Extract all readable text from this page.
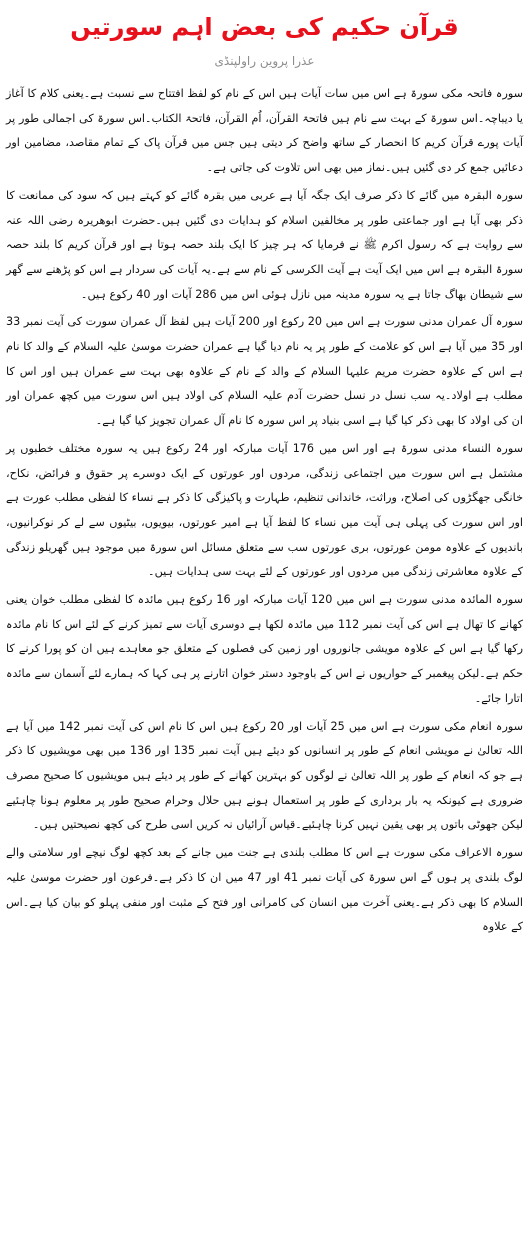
قرآن حکیم کی بعض اہم سورتیں
عذرا پروین راولپنڈی

سورہ فاتحہ مکی سورۃ ہے اس میں سات آیات ہیں اس کے نام کو لفظ افتتاح سے نسبت ہے۔یعنی کلام کا آغاز یا دیباچہ۔اس سورۃ کے بہت سے نام ہیں فاتحۃ القرآن، اُم القرآن، فاتحۃ الکتاب۔اس سورۃ کی اجمالی طور پر آیات پورے قرآن کریم کا انحصار کے ساتھ واضح کر دیتی ہیں جس میں قرآن پاک کے تمام مقاصد، مضامین اور دعائیں جمع کر دی گئیں ہیں۔نماز میں بھی اس تلاوت کی جاتی ہے۔

سورہ البقرہ میں گائے کا ذکر صرف ایک جگہ آیا ہے عربی میں بقرہ گائے کو کہتے ہیں کہ سود کی ممانعت کا ذکر بھی آیا ہے اور جماعتی طور پر مخالفین اسلام کو ہدایات دی گئیں ہیں۔حضرت ابوھریرہ رضی اللہ عنہ سے روایت ہے کہ رسول اکرم ﷺ نے فرمایا کہ ہر چیز کا ایک بلند حصہ ہوتا ہے اور قرآن کریم کا بلند حصہ سورۃ البقرہ ہے اس میں ایک آیت ہے آیت الکرسی کے نام سے ہے۔یہ آیات کی سردار ہے اس کو پڑھنے سے گھر سے شیطان بھاگ جاتا ہے یہ سورہ مدینہ میں نازل ہوئی اس میں 286 آیات اور 40 رکوع ہیں۔

سورہ آل عمران مدنی سورت ہے اس میں 20 رکوع اور 200 آیات ہیں لفظ آل عمران سورت کی آیت نمبر 33 اور 35 میں آیا ہے اس کو علامت کے طور پر یہ نام دیا گیا ہے عمران حضرت موسیٰ علیہ السلام کے والد کا نام ہے اس کے علاوہ حضرت مریم علیہا السلام کے والد کے نام کے علاوہ بھی بہت سے عمران ہیں اور اس کا مطلب ہے اولاد۔یہ سب نسل در نسل حضرت آدم علیہ السلام کی اولاد ہیں اس سورت میں کچھ عمران اور ان کی اولاد کا بھی ذکر کیا گیا ہے اسی بنیاد پر اس سورہ کا نام آل عمران تجویز کیا گیا ہے۔

سورہ النساء مدنی سورۃ ہے اور اس میں 176 آیات مبارکہ اور 24 رکوع ہیں یہ سورہ مختلف خطبوں پر مشتمل ہے اس سورت میں اجتماعی زندگی، مردوں اور عورتوں کے ایک دوسرے پر حقوق و فرائض، نکاح، خانگی جھگڑوں کی اصلاح، وراثت، خاندانی تنظیم، طہارت و پاکیزگی کا ذکر ہے نساء کا لفظی مطلب عورت ہے اور اس سورت کی پہلی ہی آیت میں نساء کا لفظ آیا ہے امیر عورتوں، بیویوں، بیٹیوں سے لے کر نوکرانیوں، باندیوں کے علاوہ مومن عورتوں، بری عورتوں سب سے متعلق مسائل اس سورۃ میں موجود ہیں گھریلو زندگی کے علاوہ معاشرتی زندگی میں مردوں اور عورتوں کے لئے بہت سی ہدایات ہیں۔

سورہ المائدہ مدنی سورت ہے اس میں 120 آیات مبارکہ اور 16 رکوع ہیں مائدہ کا لفظی مطلب خوان یعنی کھانے کا تھال ہے اس کی آیت نمبر 112 میں مائدہ لکھا ہے دوسری آیات سے تمیز کرنے کے لئے اس کا نام مائدہ رکھا گیا ہے اس کے علاوہ مویشی جانوروں اور زمین کی فصلوں کے متعلق جو معاہدے ہیں ان کو پورا کرنے کا حکم ہے۔لیکن پیغمبر کے حواریوں نے اس کے باوجود دستر خوان اتارنے پر ہی کہا کہ ہمارے لئے آسمان سے مائدہ اتارا جائے۔

سورہ انعام مکی سورت ہے اس میں 25 آیات اور 20 رکوع ہیں اس کا نام اس کی آیت نمبر 142 میں آیا ہے اللہ تعالیٰ نے مویشی انعام کے طور پر انسانوں کو دیئے ہیں آیت نمبر 135 اور 136 میں بھی مویشیوں کا ذکر ہے جو کہ انعام کے طور پر اللہ تعالیٰ نے لوگوں کو بہترین کھانے کے طور پر دیئے ہیں مویشیوں کا صحیح مصرف ضروری ہے کیونکہ یہ بار برداری کے طور پر استعمال ہونے ہیں حلال وحرام صحیح طور پر معلوم ہونا چاہئیے لیکن جھوٹی باتوں پر بھی یقین نہیں کرنا چاہئیے۔قیاس آرائیاں نہ کریں اسی طرح کی کچھ نصیحتیں ہیں۔

سورہ الاعراف مکی سورت ہے اس کا مطلب بلندی ہے جنت میں جانے کے بعد کچھ لوگ نیچے اور سلامتی والے لوگ بلندی پر ہوں گے اس سورۃ کی آیات نمبر 41 اور 47 میں ان کا ذکر ہے۔فرعون اور حضرت موسیٰ علیہ السلام کا بھی ذکر ہے۔یعنی آخرت میں انسان کی کامرانی اور فتح کے مثبت اور منفی پہلو کو بیان کیا ہے۔اس کے علاوہ
